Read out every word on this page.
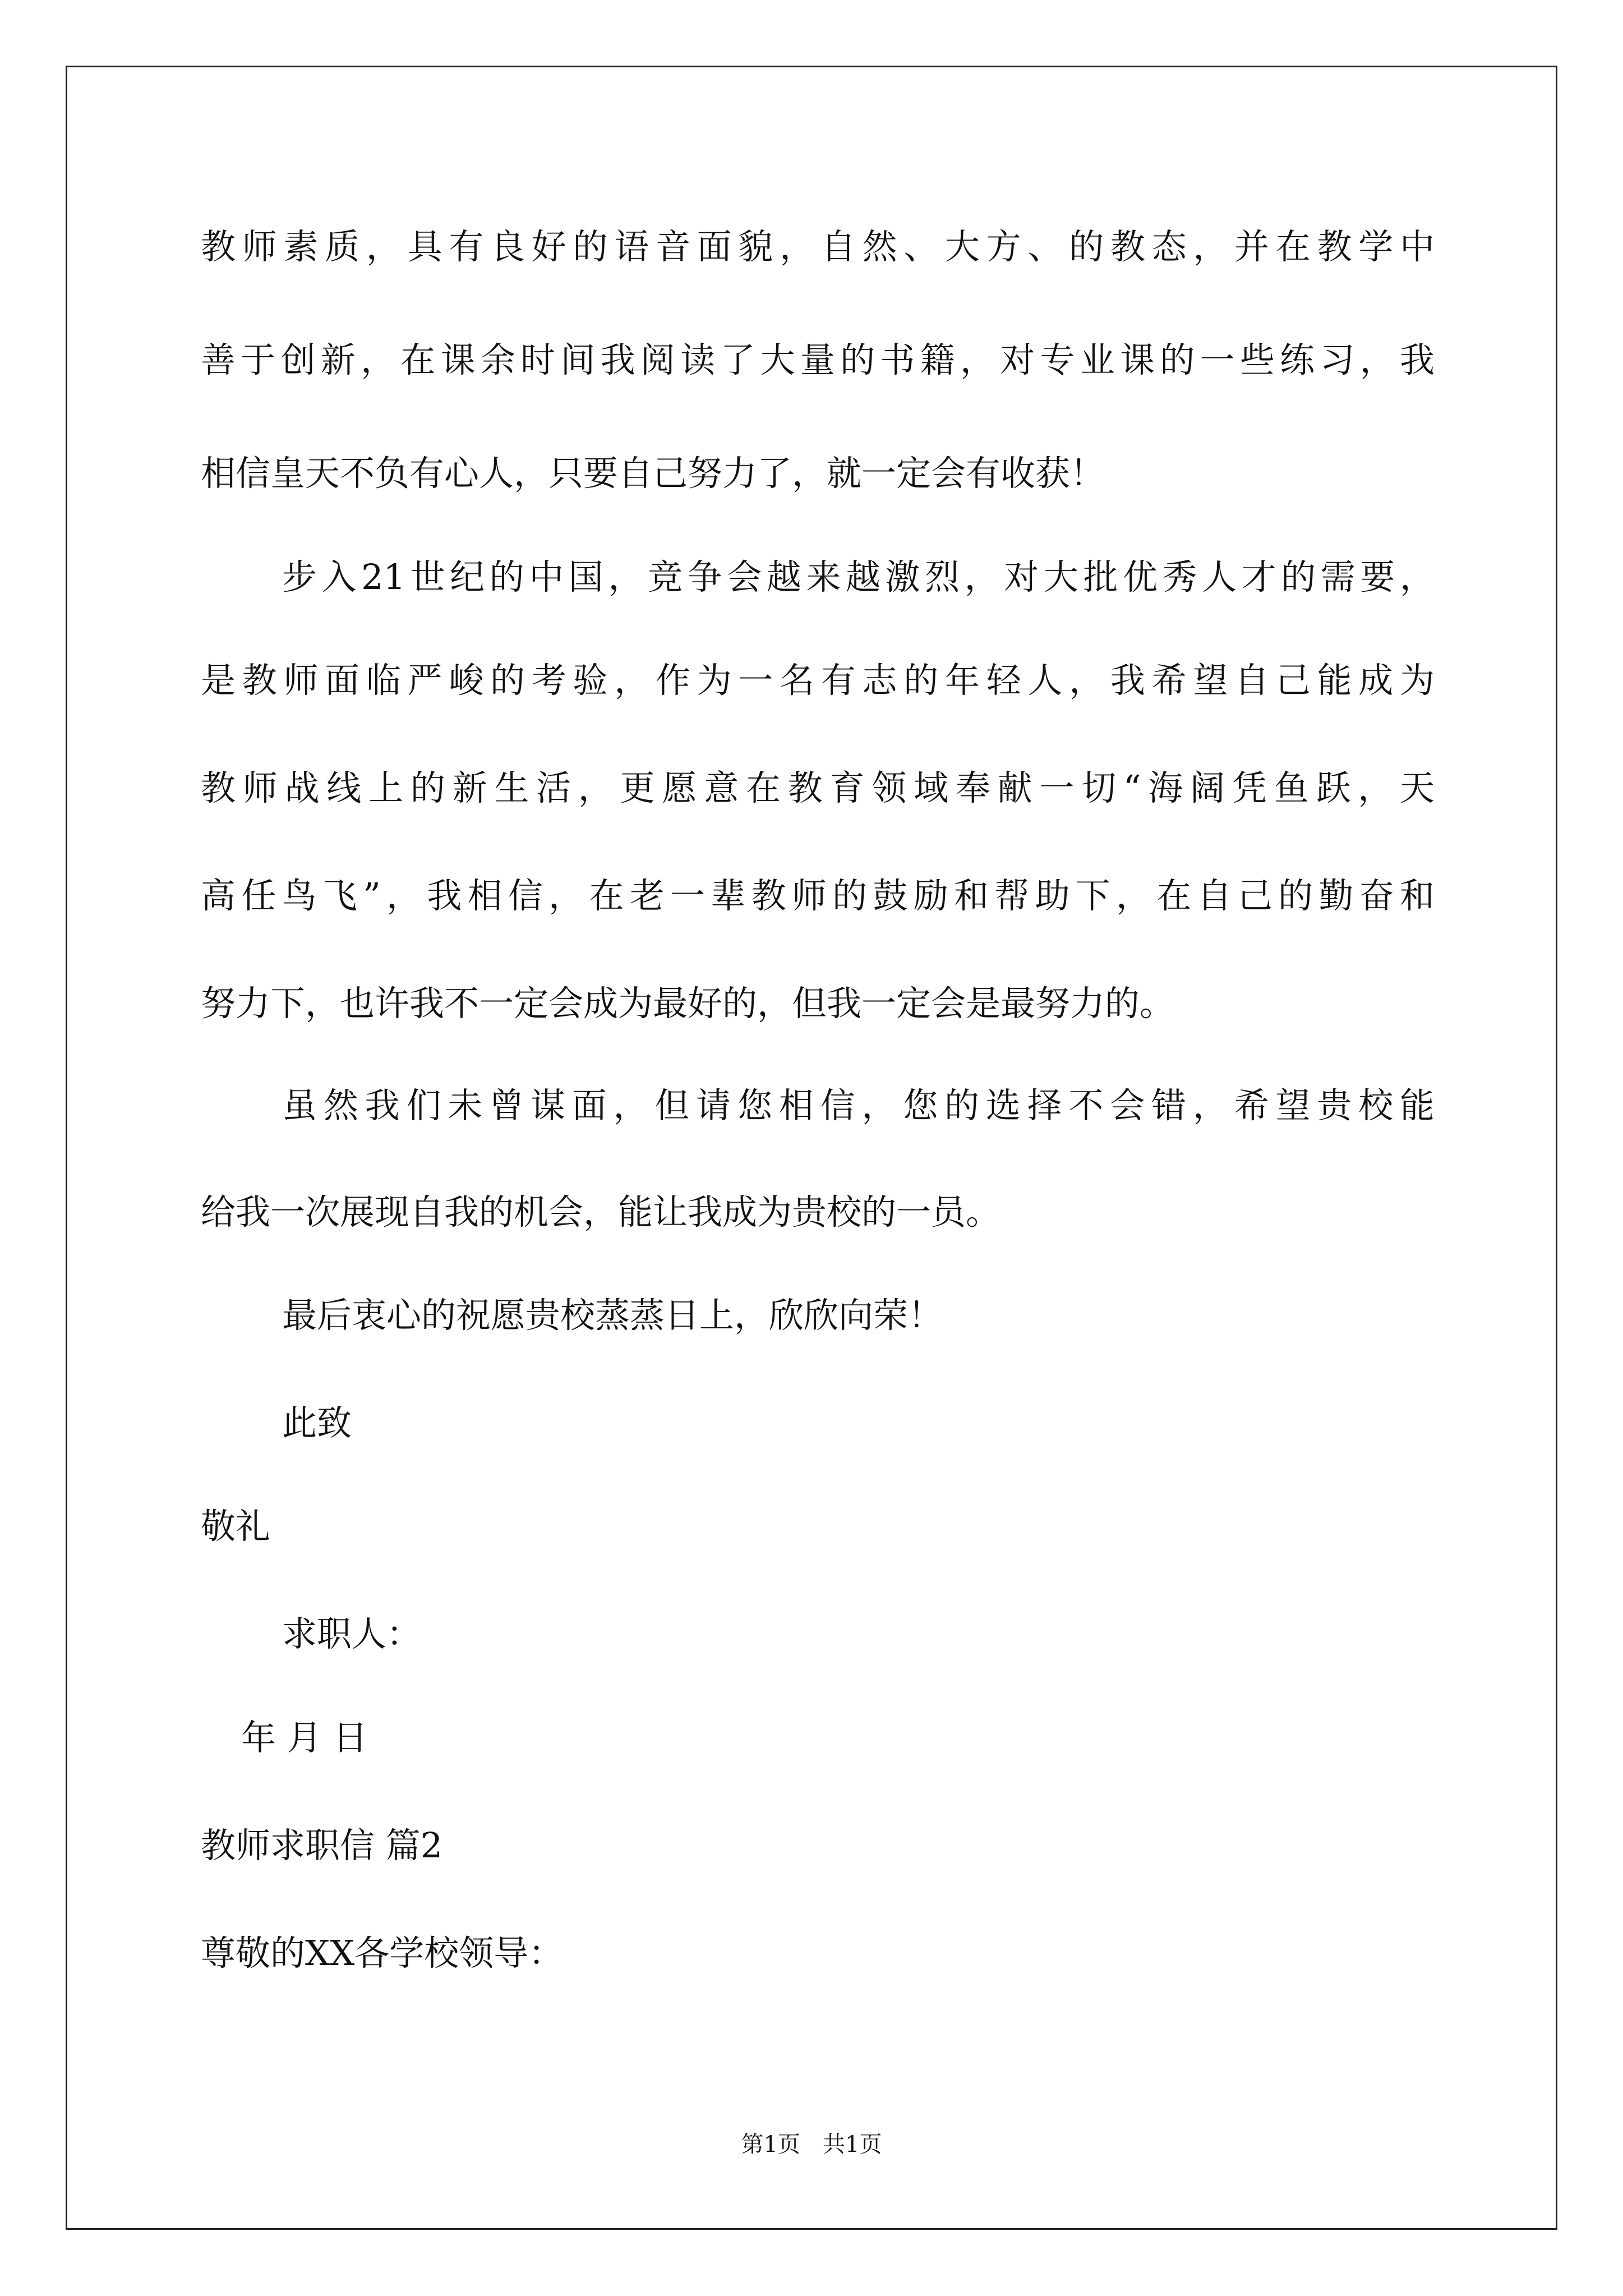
教师素质，具有良好的语音面貌，自然、大方、的教态，并在教学中
善于创新，在课余时间我阅读了大量的书籍，对专业课的一些练习，我
相信皇天不负有心人，只要自己努力了，就一定会有收获！
步入21世纪的中国，竞争会越来越激烈，对大批优秀人才的需要，
是教师面临严峻的考验，作为一名有志的年轻人，我希望自己能成为
教师战线上的新生活，更愿意在教育领域奉献一切“海阔凭鱼跃，天
高任鸟飞”，我相信，在老一辈教师的鼓励和帮助下，在自己的勤奋和
努力下，也许我不一定会成为最好的，但我一定会是最努力的。
虽然我们未曾谋面，但请您相信，您的选择不会错，希望贵校能
给我一次展现自我的机会，能让我成为贵校的一员。
最后衷心的祝愿贵校蒸蒸日上，欣欣向荣！
此致
敬礼
求职人：
年 月 日
教师求职信 篇2
尊敬的XX各学校领导：
第1页 共1页
